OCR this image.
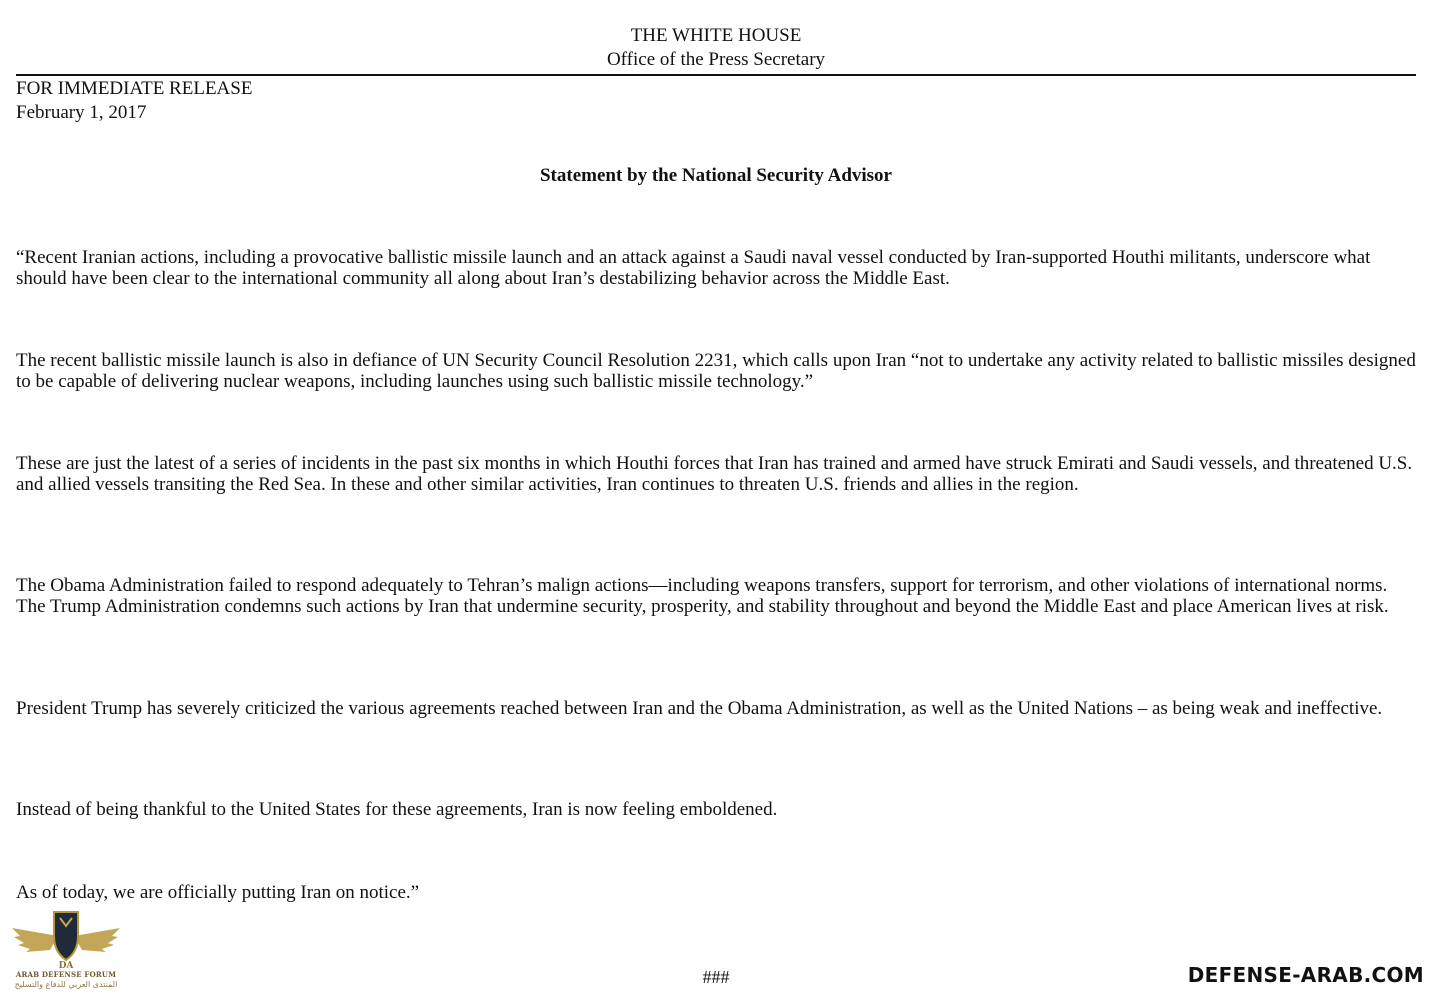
THE WHITE HOUSE
Office of the Press Secretary
FOR IMMEDIATE RELEASE
February 1, 2017
Statement by the National Security Advisor

“Recent Iranian actions, including a provocative ballistic missile launch and an attack against a Saudi naval vessel conducted by Iran-supported Houthi militants, underscore what should have been clear to the international community all along about Iran’s destabilizing behavior across the Middle East.

The recent ballistic missile launch is also in defiance of UN Security Council Resolution 2231, which calls upon Iran “not to undertake any activity related to ballistic missiles designed to be capable of delivering nuclear weapons, including launches using such ballistic missile technology.”

These are just the latest of a series of incidents in the past six months in which Houthi forces that Iran has trained and armed have struck Emirati and Saudi vessels, and threatened U.S. and allied vessels transiting the Red Sea. In these and other similar activities, Iran continues to threaten U.S. friends and allies in the region.

The Obama Administration failed to respond adequately to Tehran’s malign actions—including weapons transfers, support for terrorism, and other violations of international norms. The Trump Administration condemns such actions by Iran that undermine security, prosperity, and stability throughout and beyond the Middle East and place American lives at risk.

President Trump has severely criticized the various agreements reached between Iran and the Obama Administration, as well as the United Nations – as being weak and ineffective.

Instead of being thankful to the United States for these agreements, Iran is now feeling emboldened.

As of today, we are officially putting Iran on notice.”

###
DA
ARAB DEFENSE FORUM
المنتدى العربي للدفاع والتسليح	DEFENSE-ARAB.COM
